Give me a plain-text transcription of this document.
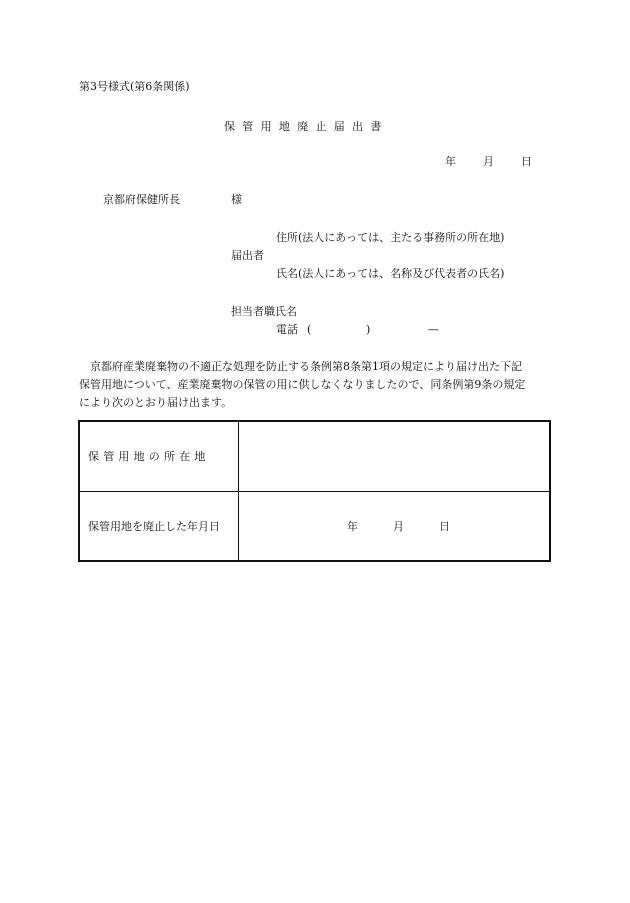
第3号様式(第6条関係)
保管用地廃止届出書
年	月	日
京都府保健所長	様
住所(法人にあっては、主たる事務所の所在地)
届出者
氏名(法人にあっては、名称及び代表者の氏名)
担当者職氏名
電話 (	)	—
　京都府産業廃棄物の不適正な処理を防止する条例第8条第1項の規定により届け出た下記
保管用地について、産業廃棄物の保管の用に供しなくなりましたので、同条例第9条の規定
により次のとおり届け出ます。
保管用地の所在地	
保管用地を廃止した年月日	年 月 日
